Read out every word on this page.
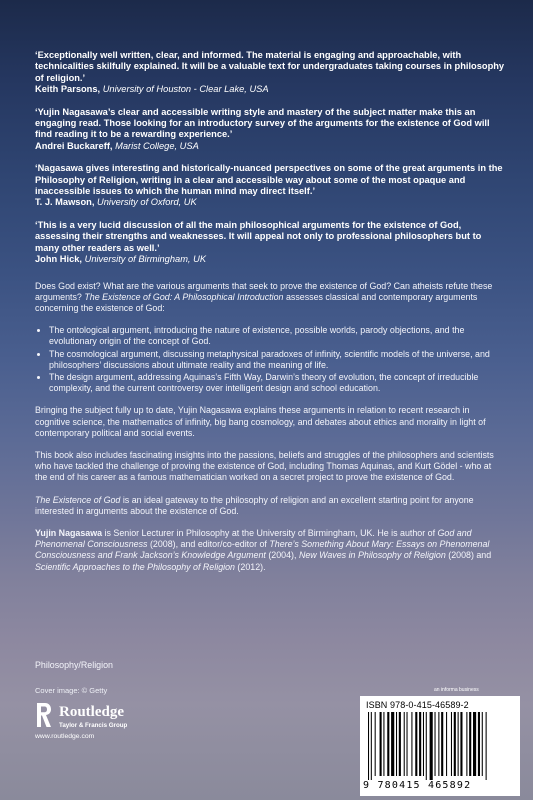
‘Exceptionally well written, clear, and informed. The material is engaging and approachable, with technicalities skilfully explained. It will be a valuable text for undergraduates taking courses in philosophy of religion.’
Keith Parsons, University of Houston - Clear Lake, USA
‘Yujin Nagasawa’s clear and accessible writing style and mastery of the subject matter make this an engaging read. Those looking for an introductory survey of the arguments for the existence of God will find reading it to be a rewarding experience.’
Andrei Buckareff, Marist College, USA
‘Nagasawa gives interesting and historically-nuanced perspectives on some of the great arguments in the Philosophy of Religion, writing in a clear and accessible way about some of the most opaque and inaccessible issues to which the human mind may direct itself.’
T. J. Mawson, University of Oxford, UK
‘This is a very lucid discussion of all the main philosophical arguments for the existence of God, assessing their strengths and weaknesses. It will appeal not only to professional philosophers but to many other readers as well.’
John Hick, University of Birmingham, UK

Does God exist? What are the various arguments that seek to prove the existence of God? Can atheists refute these arguments? The Existence of God: A Philosophical Introduction assesses classical and contemporary arguments concerning the existence of God:

• The ontological argument, introducing the nature of existence, possible worlds, parody objections, and the evolutionary origin of the concept of God.
• The cosmological argument, discussing metaphysical paradoxes of infinity, scientific models of the universe, and philosophers’ discussions about ultimate reality and the meaning of life.
• The design argument, addressing Aquinas’s Fifth Way, Darwin’s theory of evolution, the concept of irreducible complexity, and the current controversy over intelligent design and school education.

Bringing the subject fully up to date, Yujin Nagasawa explains these arguments in relation to recent research in cognitive science, the mathematics of infinity, big bang cosmology, and debates about ethics and morality in light of contemporary political and social events.

This book also includes fascinating insights into the passions, beliefs and struggles of the philosophers and scientists who have tackled the challenge of proving the existence of God, including Thomas Aquinas, and Kurt Gödel - who at the end of his career as a famous mathematician worked on a secret project to prove the existence of God.

The Existence of God is an ideal gateway to the philosophy of religion and an excellent starting point for anyone interested in arguments about the existence of God.

Yujin Nagasawa is Senior Lecturer in Philosophy at the University of Birmingham, UK. He is author of God and Phenomenal Consciousness (2008), and editor/co-editor of There’s Something About Mary: Essays on Phenomenal Consciousness and Frank Jackson’s Knowledge Argument (2004), New Waves in Philosophy of Religion (2008) and Scientific Approaches to the Philosophy of Religion (2012).

Philosophy/Religion
Cover image: © Getty
Routledge
Taylor & Francis Group
www.routledge.com
an informa business
ISBN 978-0-415-46589-2
9 780415 465892
